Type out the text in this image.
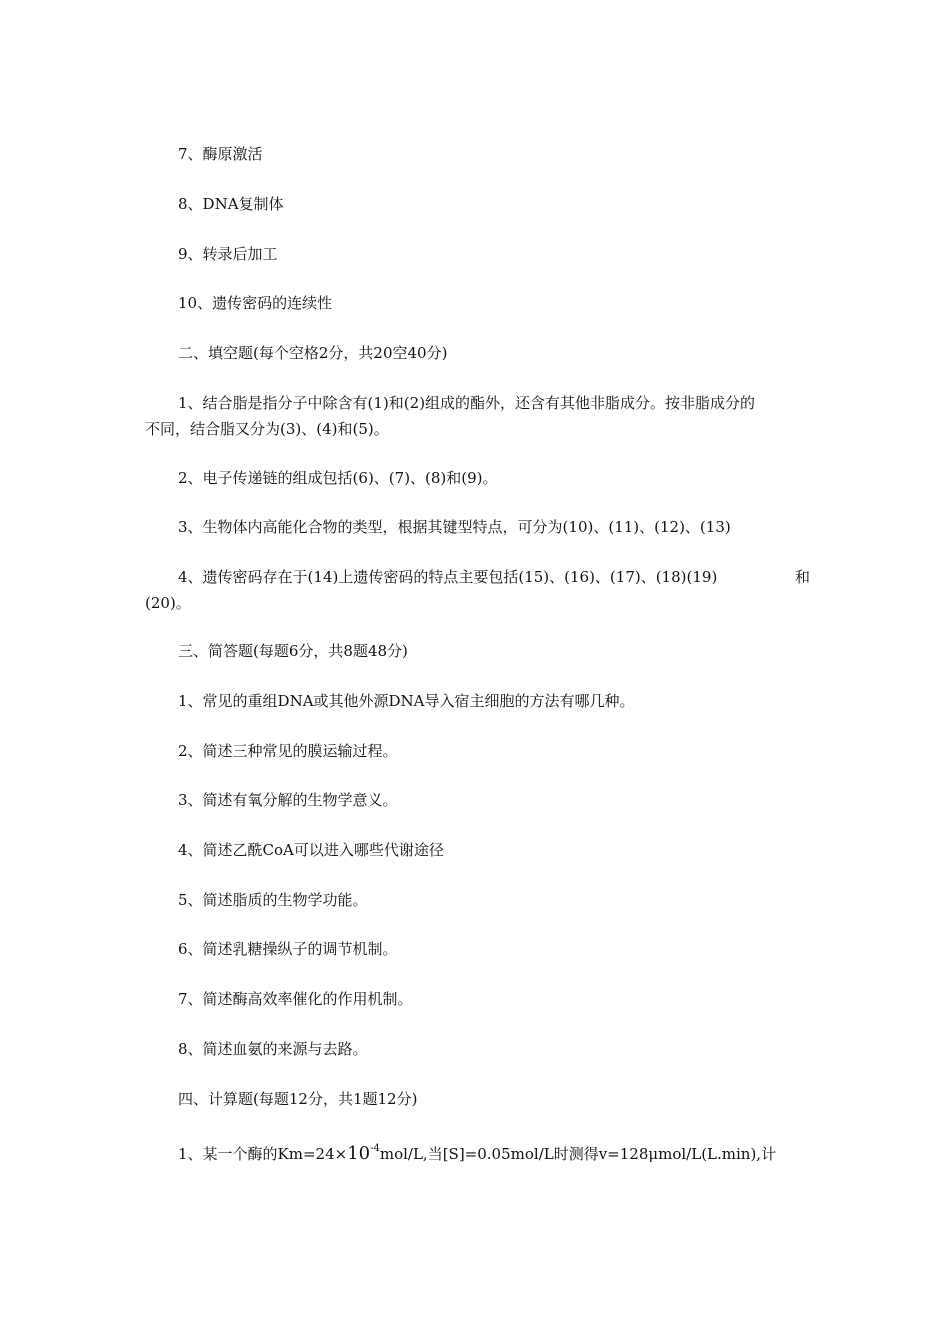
7、酶原激活
8、DNA复制体
9、转录后加工
10、遗传密码的连续性
二、填空题(每个空格2分，共20空40分)
1、结合脂是指分子中除含有(1)和(2)组成的酯外，还含有其他非脂成分。按非脂成分的
不同，结合脂又分为(3)、(4)和(5)。
2、电子传递链的组成包括(6)、(7)、(8)和(9)。
3、生物体内高能化合物的类型，根据其键型特点，可分为(10)、(11)、(12)、(13)
4、遗传密码存在于(14)上遗传密码的特点主要包括(15)、(16)、(17)、(18)(19)	和
(20)。
三、简答题(每题6分，共8题48分)
1、常见的重组DNA或其他外源DNA导入宿主细胞的方法有哪几种。
2、简述三种常见的膜运输过程。
3、简述有氧分解的生物学意义。
4、简述乙酰CoA可以进入哪些代谢途径
5、简述脂质的生物学功能。
6、简述乳糖操纵子的调节机制。
7、简述酶高效率催化的作用机制。
8、简述血氨的来源与去路。
四、计算题(每题12分，共1题12分)
1、某一个酶的$Km=24\times 10^{-4}mol/L$,当[S]=0.05mol/L时测得v=128μmol/L(L.min),计
